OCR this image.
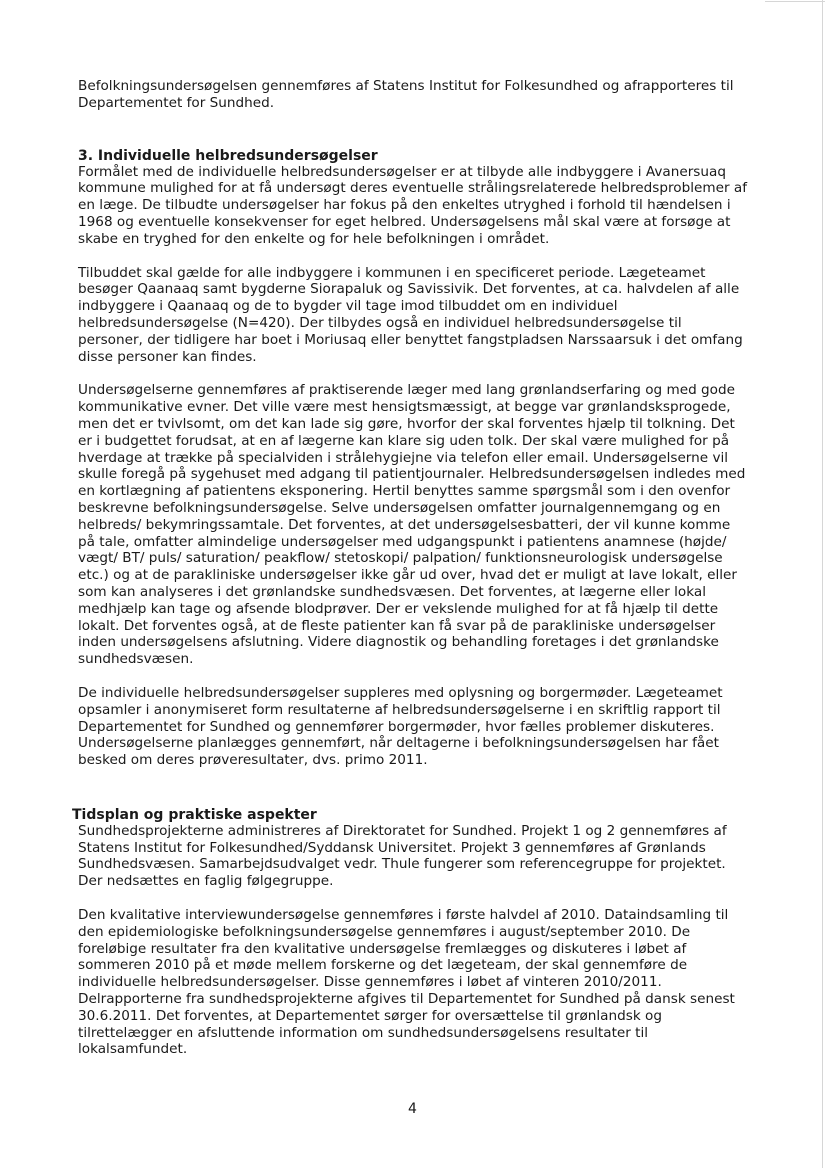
Befolkningsundersøgelsen gennemføres af Statens Institut for Folkesundhed og afrapporteres til Departementet for Sundhed.

3. Individuelle helbredsundersøgelser

Formålet med de individuelle helbredsundersøgelser er at tilbyde alle indbyggere i Avanersuaq kommune mulighed for at få undersøgt deres eventuelle strålingsrelaterede helbredsproblemer af en læge. De tilbudte undersøgelser har fokus på den enkeltes utryghed i forhold til hændelsen i 1968 og eventuelle konsekvenser for eget helbred. Undersøgelsens mål skal være at forsøge at skabe en tryghed for den enkelte og for hele befolkningen i området.

Tilbuddet skal gælde for alle indbyggere i kommunen i en specificeret periode. Lægeteamet besøger Qaanaaq samt bygderne Siorapaluk og Savissivik. Det forventes, at ca. halvdelen af alle indbyggere i Qaanaaq og de to bygder vil tage imod tilbuddet om en individuel helbredsundersøgelse (N=420). Der tilbydes også en individuel helbredsundersøgelse til personer, der tidligere har boet i Moriusaq eller benyttet fangstpladsen Narssaarsuk i det omfang disse personer kan findes.

Undersøgelserne gennemføres af praktiserende læger med lang grønlandserfaring og med gode kommunikative evner. Det ville være mest hensigtsmæssigt, at begge var grønlandsksprogede, men det er tvivlsomt, om det kan lade sig gøre, hvorfor der skal forventes hjælp til tolkning. Det er i budgettet forudsat, at en af lægerne kan klare sig uden tolk. Der skal være mulighed for på hverdage at trække på specialviden i strålehygiejne via telefon eller email. Undersøgelserne vil skulle foregå på sygehuset med adgang til patientjournaler. Helbredsundersøgelsen indledes med en kortlægning af patientens eksponering. Hertil benyttes samme spørgsmål som i den ovenfor beskrevne befolkningsundersøgelse. Selve undersøgelsen omfatter journalgennemgang og en helbreds/ bekymringssamtale. Det forventes, at det undersøgelsesbatteri, der vil kunne komme på tale, omfatter almindelige undersøgelser med udgangspunkt i patientens anamnese (højde/ vægt/ BT/ puls/ saturation/ peakflow/ stetoskopi/ palpation/ funktionsneurologisk undersøgelse etc.) og at de parakliniske undersøgelser ikke går ud over, hvad det er muligt at lave lokalt, eller som kan analyseres i det grønlandske sundhedsvæsen. Det forventes, at lægerne eller lokal medhjælp kan tage og afsende blodprøver. Der er vekslende mulighed for at få hjælp til dette lokalt. Det forventes også, at de fleste patienter kan få svar på de parakliniske undersøgelser inden undersøgelsens afslutning. Videre diagnostik og behandling foretages i det grønlandske sundhedsvæsen.

De individuelle helbredsundersøgelser suppleres med oplysning og borgermøder. Lægeteamet opsamler i anonymiseret form resultaterne af helbredsundersøgelserne i en skriftlig rapport til Departementet for Sundhed og gennemfører borgermøder, hvor fælles problemer diskuteres. Undersøgelserne planlægges gennemført, når deltagerne i befolkningsundersøgelsen har fået besked om deres prøveresultater, dvs. primo 2011.

Tidsplan og praktiske aspekter

Sundhedsprojekterne administreres af Direktoratet for Sundhed. Projekt 1 og 2 gennemføres af Statens Institut for Folkesundhed/Syddansk Universitet. Projekt 3 gennemføres af Grønlands Sundhedsvæsen. Samarbejdsudvalget vedr. Thule fungerer som referencegruppe for projektet. Der nedsættes en faglig følgegruppe.

Den kvalitative interviewundersøgelse gennemføres i første halvdel af 2010. Dataindsamling til den epidemiologiske befolkningsundersøgelse gennemføres i august/september 2010. De foreløbige resultater fra den kvalitative undersøgelse fremlægges og diskuteres i løbet af sommeren 2010 på et møde mellem forskerne og det lægeteam, der skal gennemføre de individuelle helbredsundersøgelser. Disse gennemføres i løbet af vinteren 2010/2011. Delrapporterne fra sundhedsprojekterne afgives til Departementet for Sundhed på dansk senest 30.6.2011. Det forventes, at Departementet sørger for oversættelse til grønlandsk og tilrettelægger en afsluttende information om sundhedsundersøgelsens resultater til lokalsamfundet.

4
